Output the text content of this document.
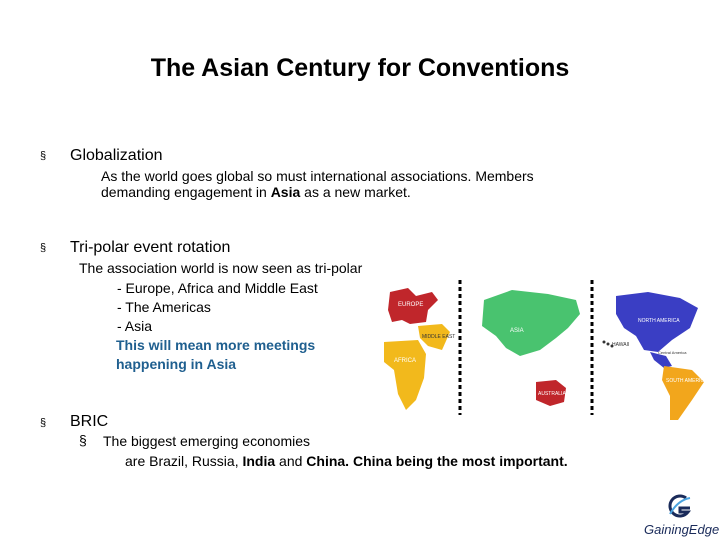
The Asian Century for Conventions
§ Globalization
As the world goes global so must international associations. Members
demanding engagement in Asia as a new market.
§ Tri-polar event rotation
The association world is now seen as tri-polar
- Europe, Africa and Middle East
- The Americas
- Asia
This will mean more meetings
happening in Asia
§ BRIC
§ The biggest emerging economies
are Brazil, Russia, India and China. China being the most important.
EUROPE
MIDDLE EAST
AFRICA
ASIA
AUSTRALIA
NORTH AMERICA
HAWAII
Central America
SOUTH AMERICA
GainingEdge
